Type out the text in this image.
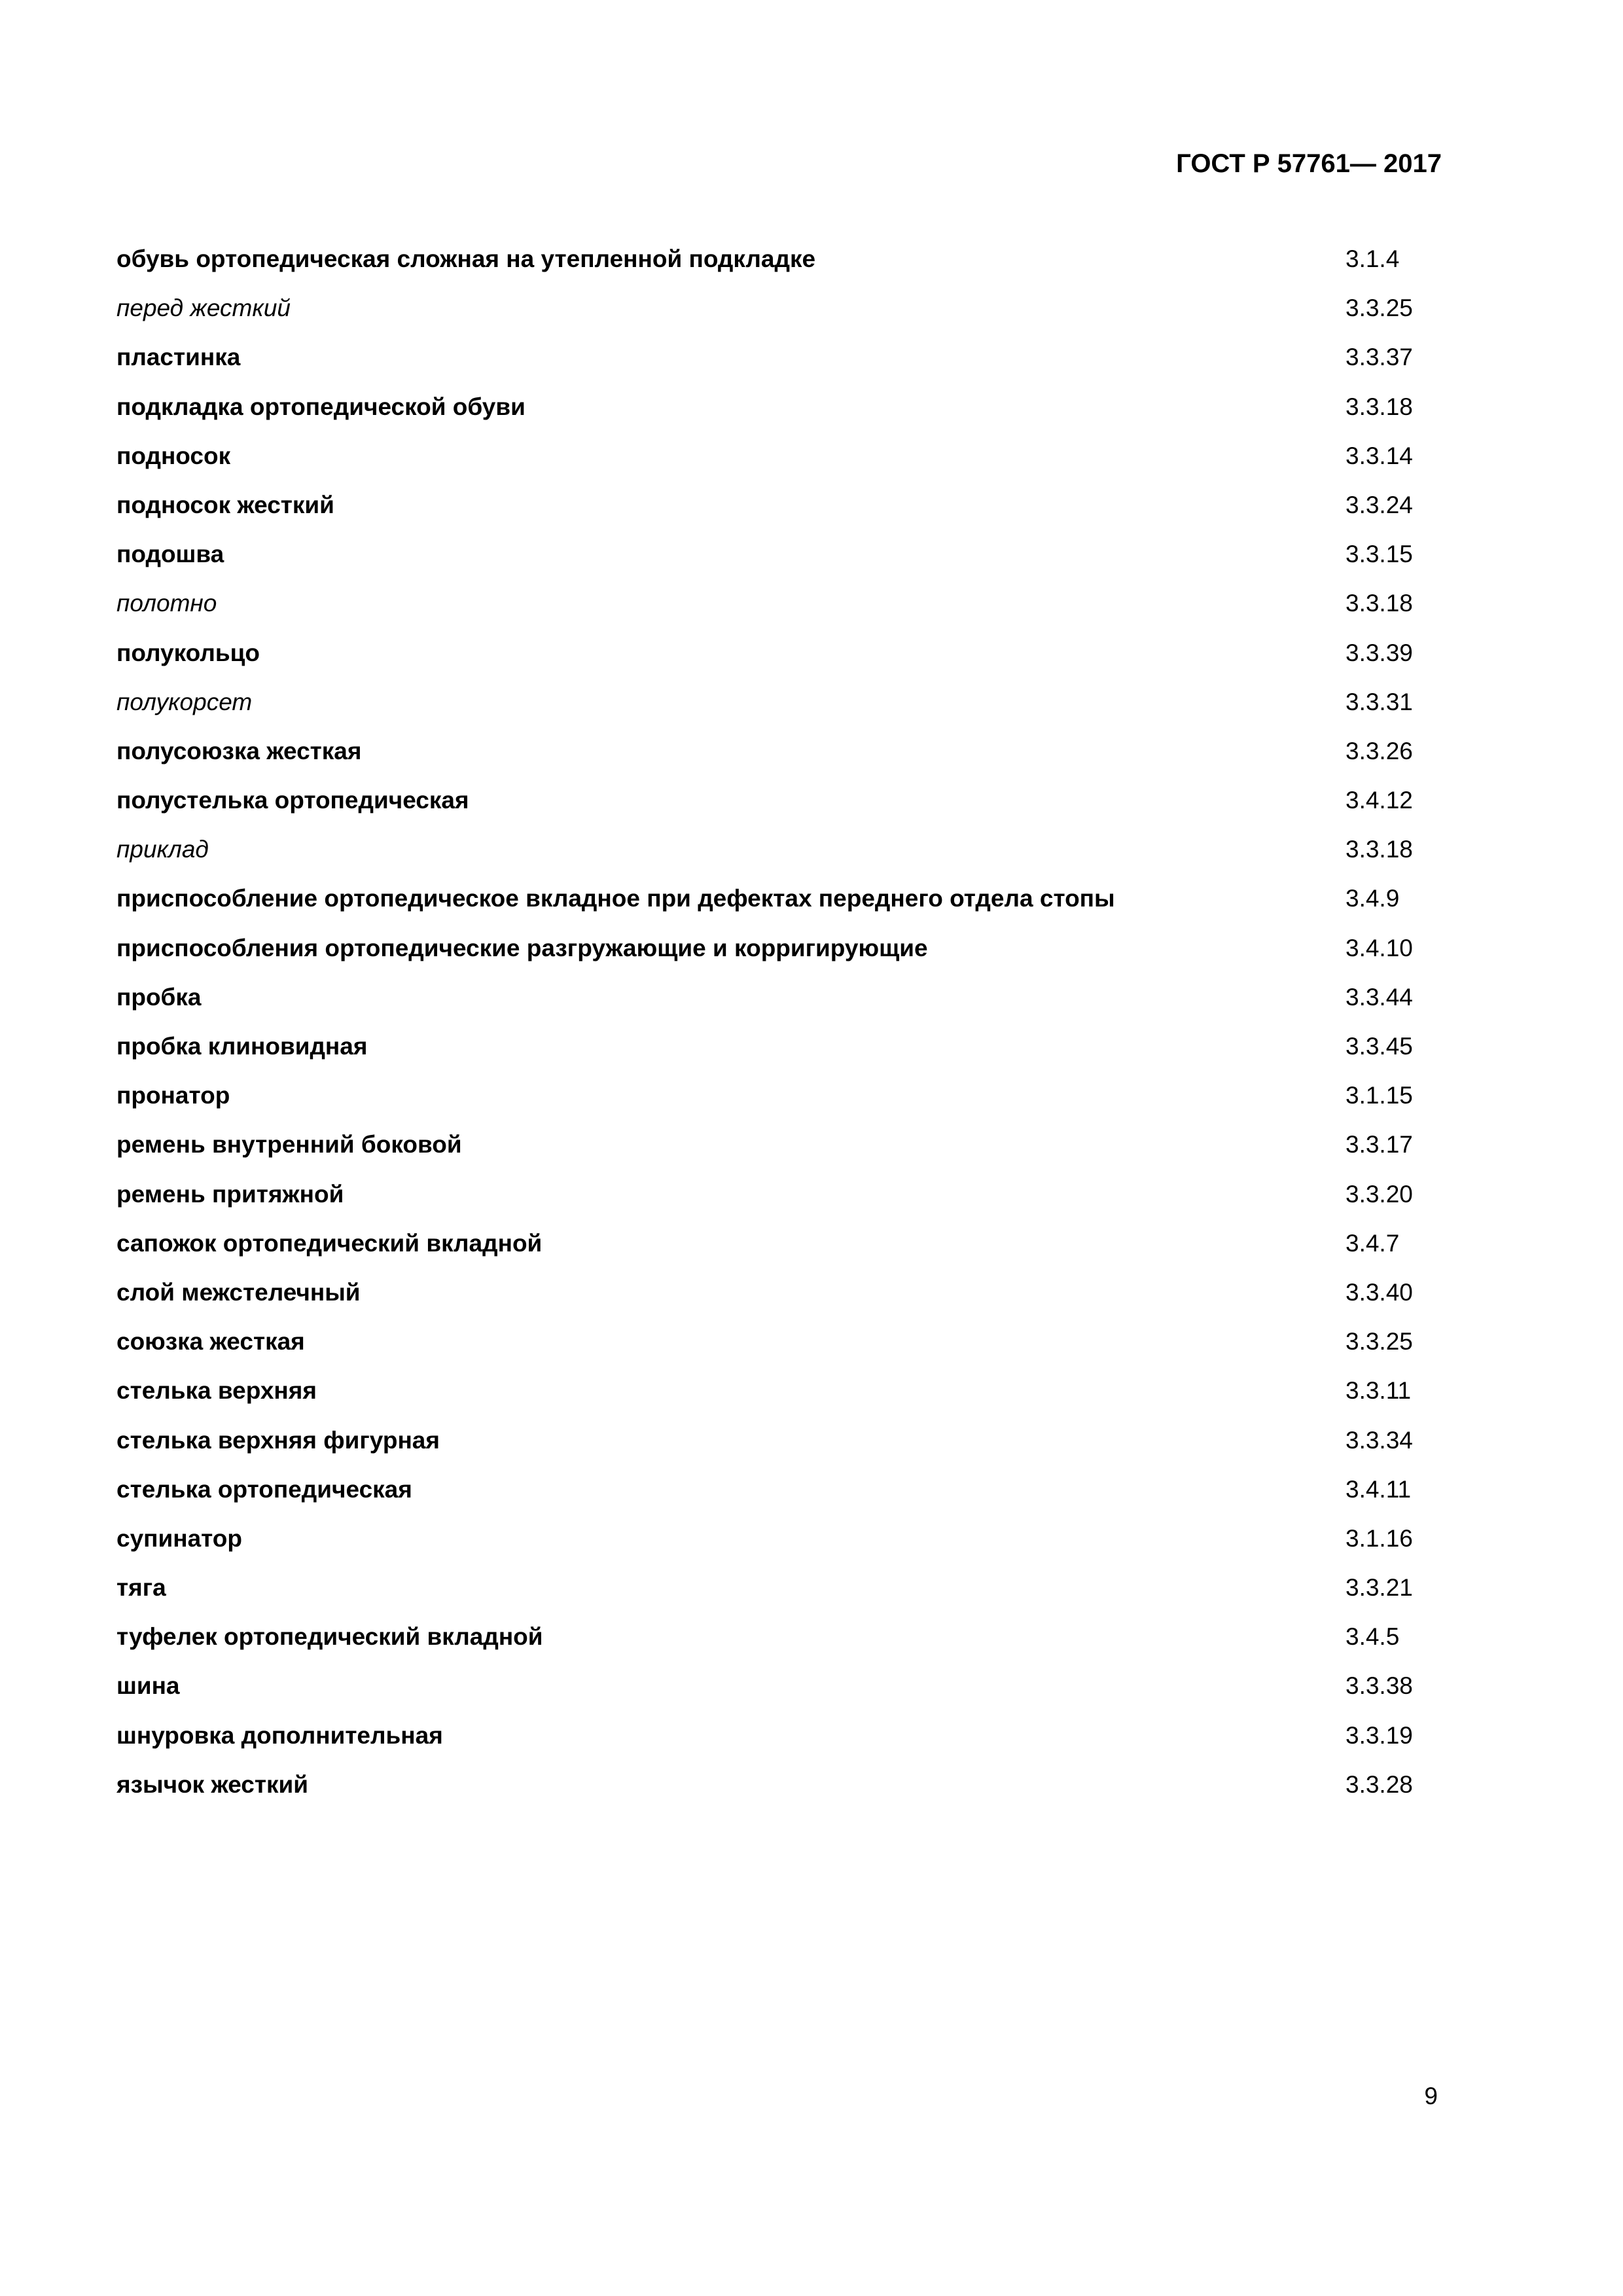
ГОСТ Р 57761— 2017
обувь ортопедическая сложная на утепленной подкладке	3.1.4
перед жесткий	3.3.25
пластинка	3.3.37
подкладка ортопедической обуви	3.3.18
подносок	3.3.14
подносок жесткий	3.3.24
подошва	3.3.15
полотно	3.3.18
полукольцо	3.3.39
полукорсет	3.3.31
полусоюзка жесткая	3.3.26
полустелька ортопедическая	3.4.12
приклад	3.3.18
приспособление ортопедическое вкладное при дефектах переднего отдела стопы	3.4.9
приспособления ортопедические разгружающие и корригирующие	3.4.10
пробка	3.3.44
пробка клиновидная	3.3.45
пронатор	3.1.15
ремень внутренний боковой	3.3.17
ремень притяжной	3.3.20
сапожок ортопедический вкладной	3.4.7
слой межстелечный	3.3.40
союзка жесткая	3.3.25
стелька верхняя	3.3.11
стелька верхняя фигурная	3.3.34
стелька ортопедическая	3.4.11
супинатор	3.1.16
тяга	3.3.21
туфелек ортопедический вкладной	3.4.5
шина	3.3.38
шнуровка дополнительная	3.3.19
язычок жесткий	3.3.28
9
